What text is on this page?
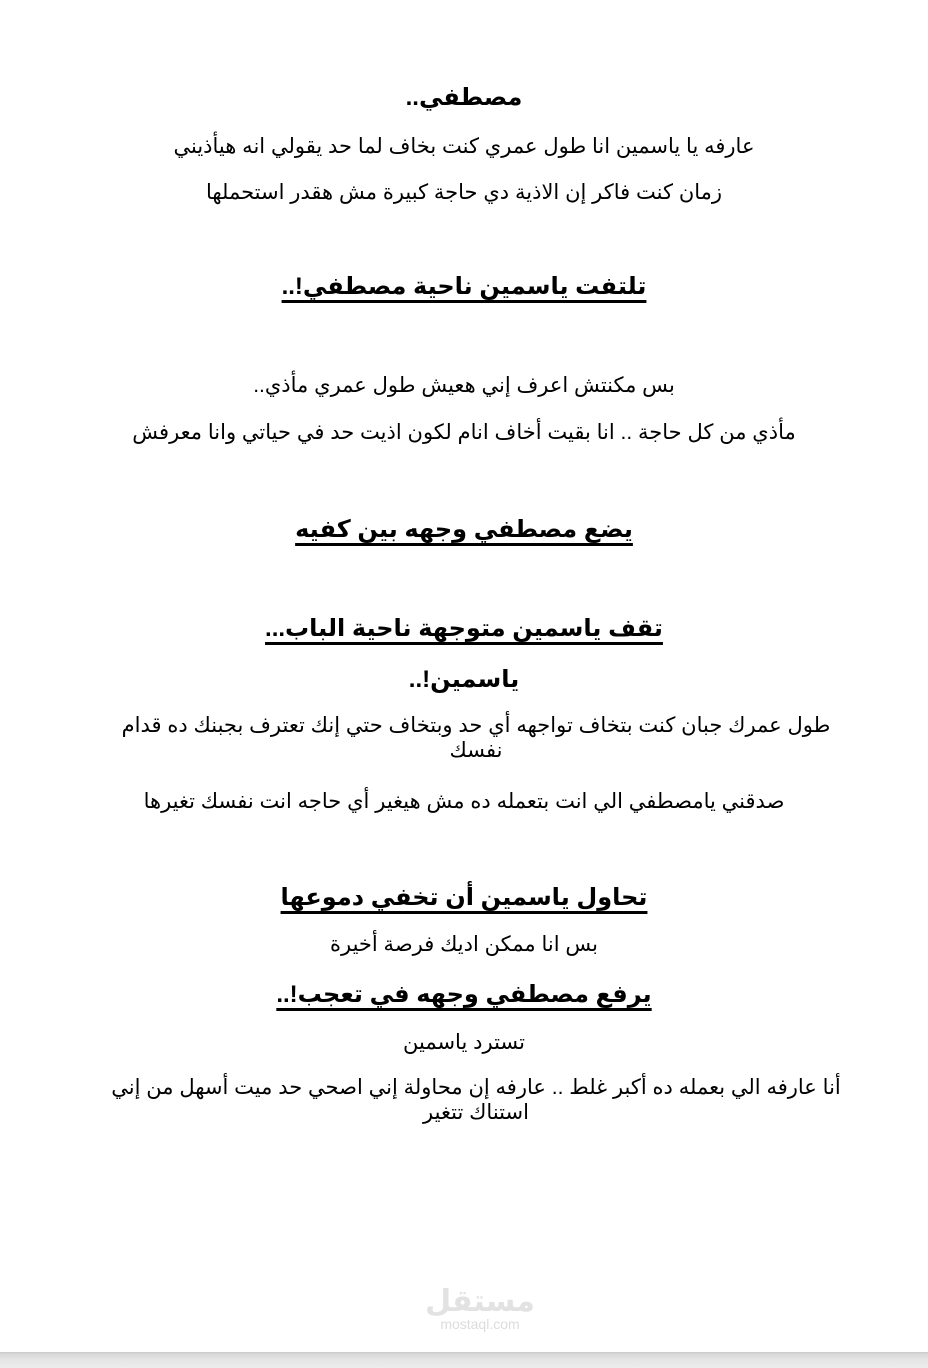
مصطفي..
عارفه يا ياسمين انا طول عمري كنت بخاف لما حد يقولي انه هيأذيني
زمان كنت فاكر إن الاذية دي حاجة كبيرة مش هقدر استحملها
تلتفت ياسمين ناحية مصطفي!..
بس مكنتش اعرف إني هعيش طول عمري مأذي..
مأذي من كل حاجة .. انا بقيت أخاف انام لكون اذيت حد في حياتي وانا معرفش
يضع مصطفي وجهه بين كفيه
تقف ياسمين متوجهة ناحية الباب...
ياسمين!..
طول عمرك جبان كنت بتخاف تواجهه أي حد وبتخاف حتي إنك تعترف بجبنك ده قدام نفسك
صدقني يامصطفي الي انت بتعمله ده مش هيغير أي حاجه انت نفسك تغيرها
تحاول ياسمين أن تخفي دموعها
بس انا ممكن اديك فرصة أخيرة
يرفع مصطفي وجهه في تعجب!..
تسترد ياسمين
أنا عارفه الي بعمله ده أكبر غلط .. عارفه إن محاولة إني اصحي حد ميت أسهل من إني استناك تتغير
مستقل
mostaql.com
